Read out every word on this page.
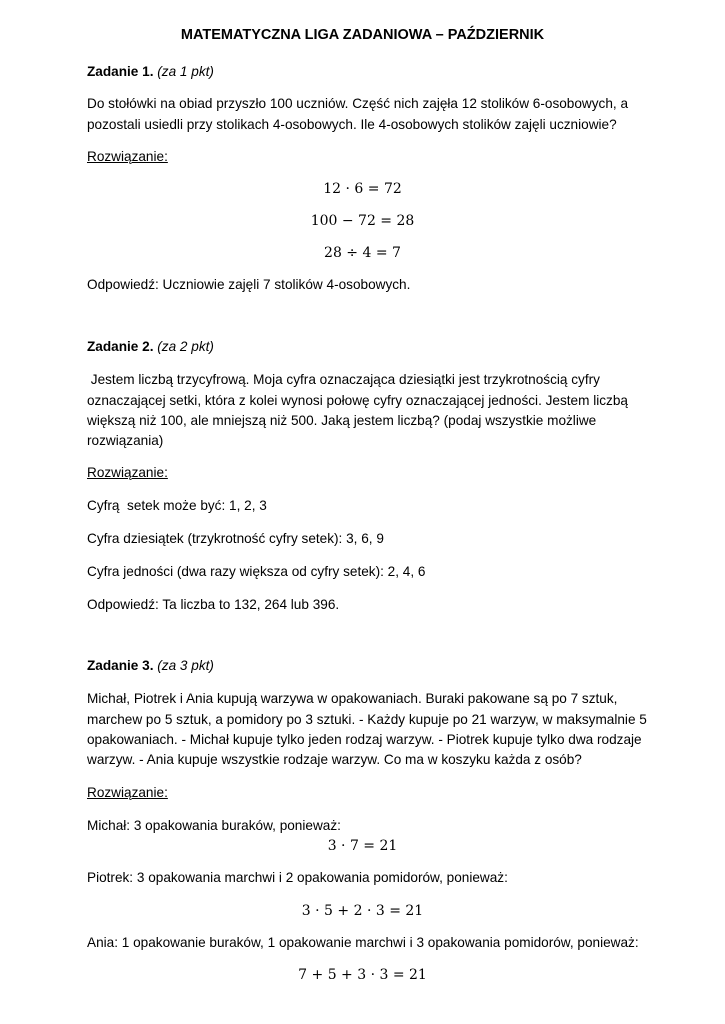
MATEMATYCZNA LIGA ZADANIOWA – PAŹDZIERNIK

Zadanie 1. (za 1 pkt)

Do stołówki na obiad przyszło 100 uczniów. Część nich zajęła 12 stolików 6-osobowych, a

pozostali usiedli przy stolikach 4-osobowych. Ile 4-osobowych stolików zajęli uczniowie?

Rozwiązanie:

12 · 6 = 72

100 − 72 = 28

28 ÷ 4 = 7

Odpowiedź: Uczniowie zajęli 7 stolików 4-osobowych.

Zadanie 2. (za 2 pkt)

Jestem liczbą trzycyfrową. Moja cyfra oznaczająca dziesiątki jest trzykrotnością cyfry

oznaczającej setki, która z kolei wynosi połowę cyfry oznaczającej jedności. Jestem liczbą

większą niż 100, ale mniejszą niż 500. Jaką jestem liczbą? (podaj wszystkie możliwe

rozwiązania)

Rozwiązanie:

Cyfrą  setek może być: 1, 2, 3

Cyfra dziesiątek (trzykrotność cyfry setek): 3, 6, 9

Cyfra jedności (dwa razy większa od cyfry setek): 2, 4, 6

Odpowiedź: Ta liczba to 132, 264 lub 396.

Zadanie 3. (za 3 pkt)

Michał, Piotrek i Ania kupują warzywa w opakowaniach. Buraki pakowane są po 7 sztuk,

marchew po 5 sztuk, a pomidory po 3 sztuki. - Każdy kupuje po 21 warzyw, w maksymalnie 5

opakowaniach. - Michał kupuje tylko jeden rodzaj warzyw. - Piotrek kupuje tylko dwa rodzaje

warzyw. - Ania kupuje wszystkie rodzaje warzyw. Co ma w koszyku każda z osób?

Rozwiązanie:

Michał: 3 opakowania buraków, ponieważ:

3 · 7 = 21

Piotrek: 3 opakowania marchwi i 2 opakowania pomidorów, ponieważ:

3 · 5 + 2 · 3 = 21

Ania: 1 opakowanie buraków, 1 opakowanie marchwi i 3 opakowania pomidorów, ponieważ:

7 + 5 + 3 · 3 = 21
